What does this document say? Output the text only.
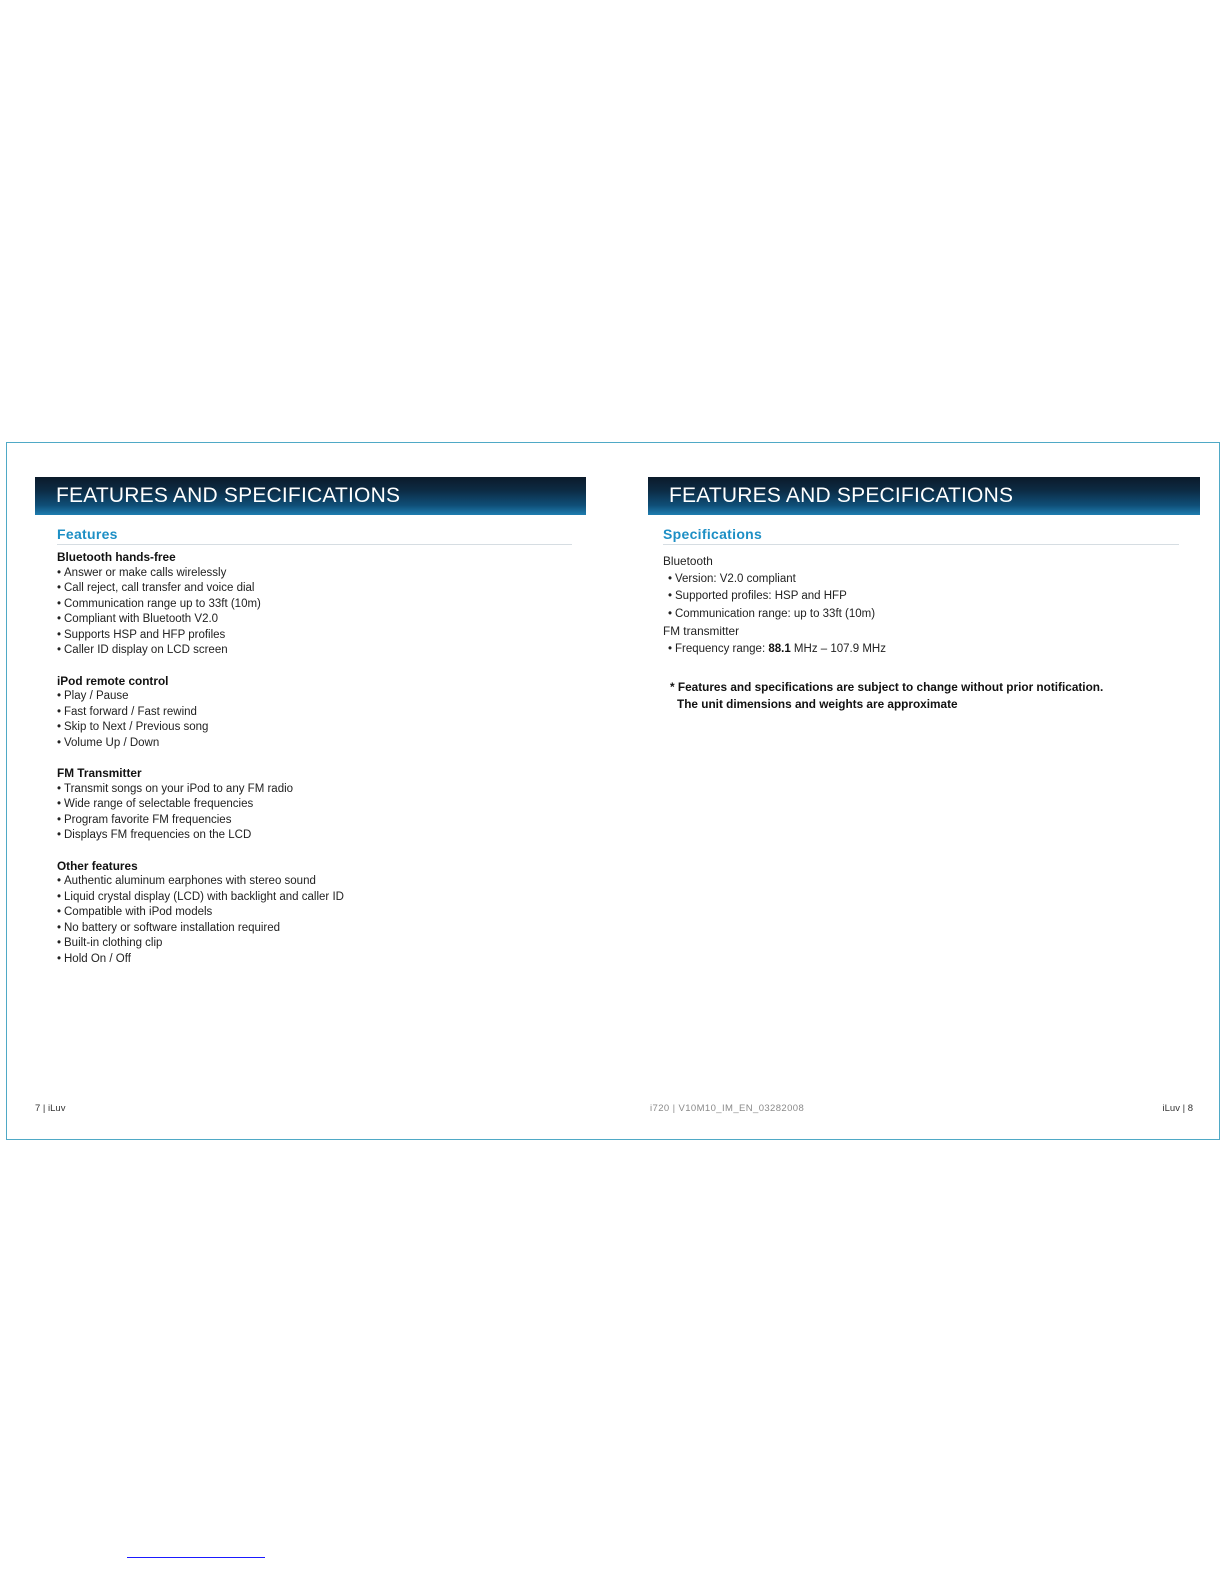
FEATURES AND SPECIFICATIONS
Features
Bluetooth hands-free
• Answer or make calls wirelessly
• Call reject, call transfer and voice dial
• Communication range up to 33ft (10m)
• Compliant with Bluetooth V2.0
• Supports HSP and HFP profiles
• Caller ID display on LCD screen
iPod remote control
• Play / Pause
• Fast forward / Fast rewind
• Skip to Next / Previous song
• Volume Up / Down
FM Transmitter
• Transmit songs on your iPod to any FM radio
• Wide range of selectable frequencies
• Program favorite FM frequencies
• Displays FM frequencies on the LCD
Other features
• Authentic aluminum earphones with stereo sound
• Liquid crystal display (LCD) with backlight and caller ID
• Compatible with iPod models
• No battery or software installation required
• Built-in clothing clip
• Hold On / Off
7 | iLuv
FEATURES AND SPECIFICATIONS
Specifications
Bluetooth
• Version: V2.0 compliant
• Supported profiles: HSP and HFP
• Communication range: up to 33ft (10m)
FM transmitter
• Frequency range: 88.1 MHz – 107.9 MHz
* Features and specifications are subject to change without prior notification.
The unit dimensions and weights are approximate
i720 | V10M10_IM_EN_03282008	iLuv | 8
